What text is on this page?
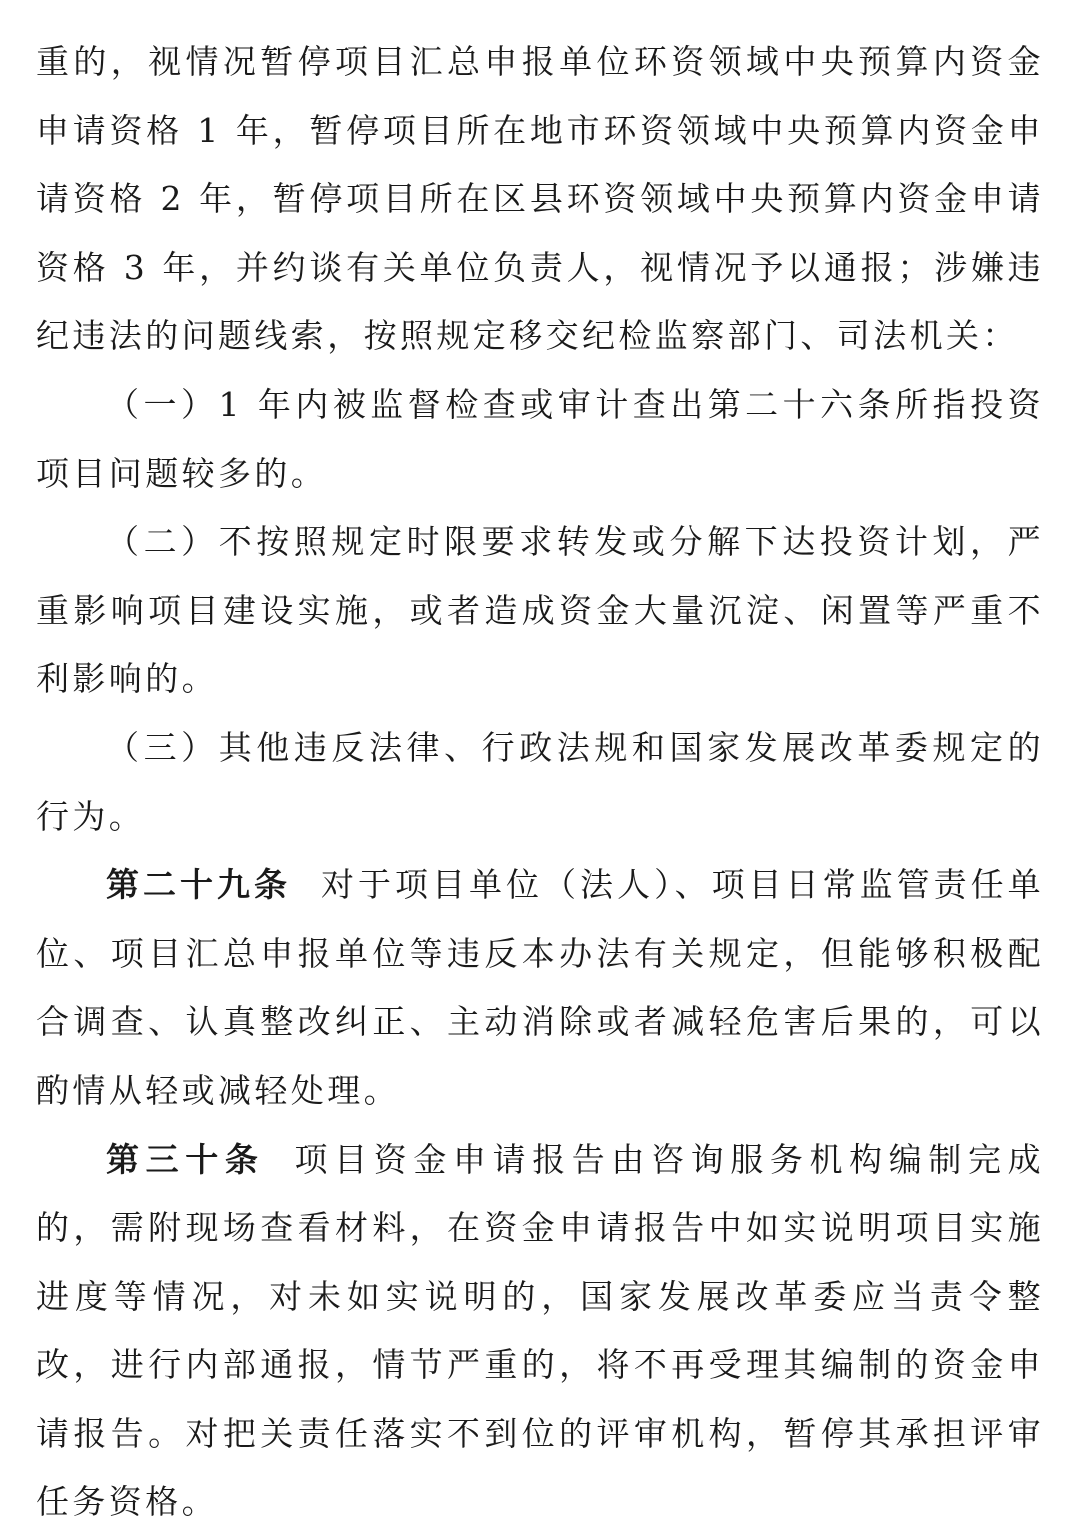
重的，视情况暂停项目汇总申报单位环资领域中央预算内资金申请资格 1 年，暂停项目所在地市环资领域中央预算内资金申请资格 2 年，暂停项目所在区县环资领域中央预算内资金申请资格 3 年，并约谈有关单位负责人，视情况予以通报；涉嫌违纪违法的问题线索，按照规定移交纪检监察部门、司法机关：

（一）1 年内被监督检查或审计查出第二十六条所指投资项目问题较多的。

（二）不按照规定时限要求转发或分解下达投资计划，严重影响项目建设实施，或者造成资金大量沉淀、闲置等严重不利影响的。

（三）其他违反法律、行政法规和国家发展改革委规定的行为。

第二十九条 对于项目单位（法人）、项目日常监管责任单位、项目汇总申报单位等违反本办法有关规定，但能够积极配合调查、认真整改纠正、主动消除或者减轻危害后果的，可以酌情从轻或减轻处理。

第三十条 项目资金申请报告由咨询服务机构编制完成的，需附现场查看材料，在资金申请报告中如实说明项目实施进度等情况，对未如实说明的，国家发展改革委应当责令整改，进行内部通报，情节严重的，将不再受理其编制的资金申请报告。对把关责任落实不到位的评审机构，暂停其承担评审任务资格。
